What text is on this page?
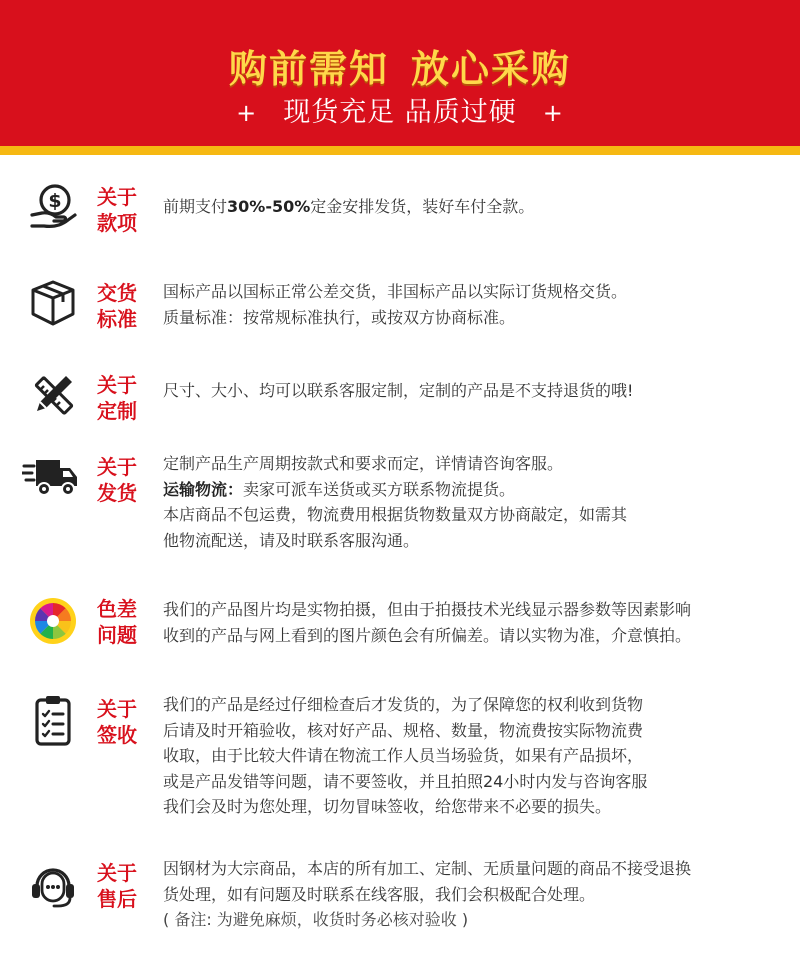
购前需知 放心采购
+ 现货充足 品质过硬 +
$ 关于
款项

前期支付30%-50%定金安排发货，装好车付全款。

交货
标准

国标产品以国标正常公差交货，非国标产品以实际订货规格交货。

质量标准：按常规标准执行，或按双方协商标准。

关于
定制

尺寸、大小、均可以联系客服定制，定制的产品是不支持退货的哦!

关于
发货

定制产品生产周期按款式和要求而定，详情请咨询客服。

运输物流：卖家可派车送货或买方联系物流提货。

本店商品不包运费，物流费用根据货物数量双方协商敲定，如需其

他物流配送，请及时联系客服沟通。

色差
问题

我们的产品图片均是实物拍摄，但由于拍摄技术光线显示器参数等因素影响

收到的产品与网上看到的图片颜色会有所偏差。请以实物为准，介意慎拍。

关于
签收

我们的产品是经过仔细检查后才发货的，为了保障您的权利收到货物

后请及时开箱验收，核对好产品、规格、数量，物流费按实际物流费

收取，由于比较大件请在物流工作人员当场验货，如果有产品损坏，

或是产品发错等问题，请不要签收，并且拍照24小时内发与咨询客服

我们会及时为您处理，切勿冒味签收，给您带来不必要的损失。

关于
售后

因钢材为大宗商品，本店的所有加工、定制、无质量问题的商品不接受退换

货处理，如有问题及时联系在线客服，我们会积极配合处理。

( 备注: 为避免麻烦，收货时务必核对验收 )
